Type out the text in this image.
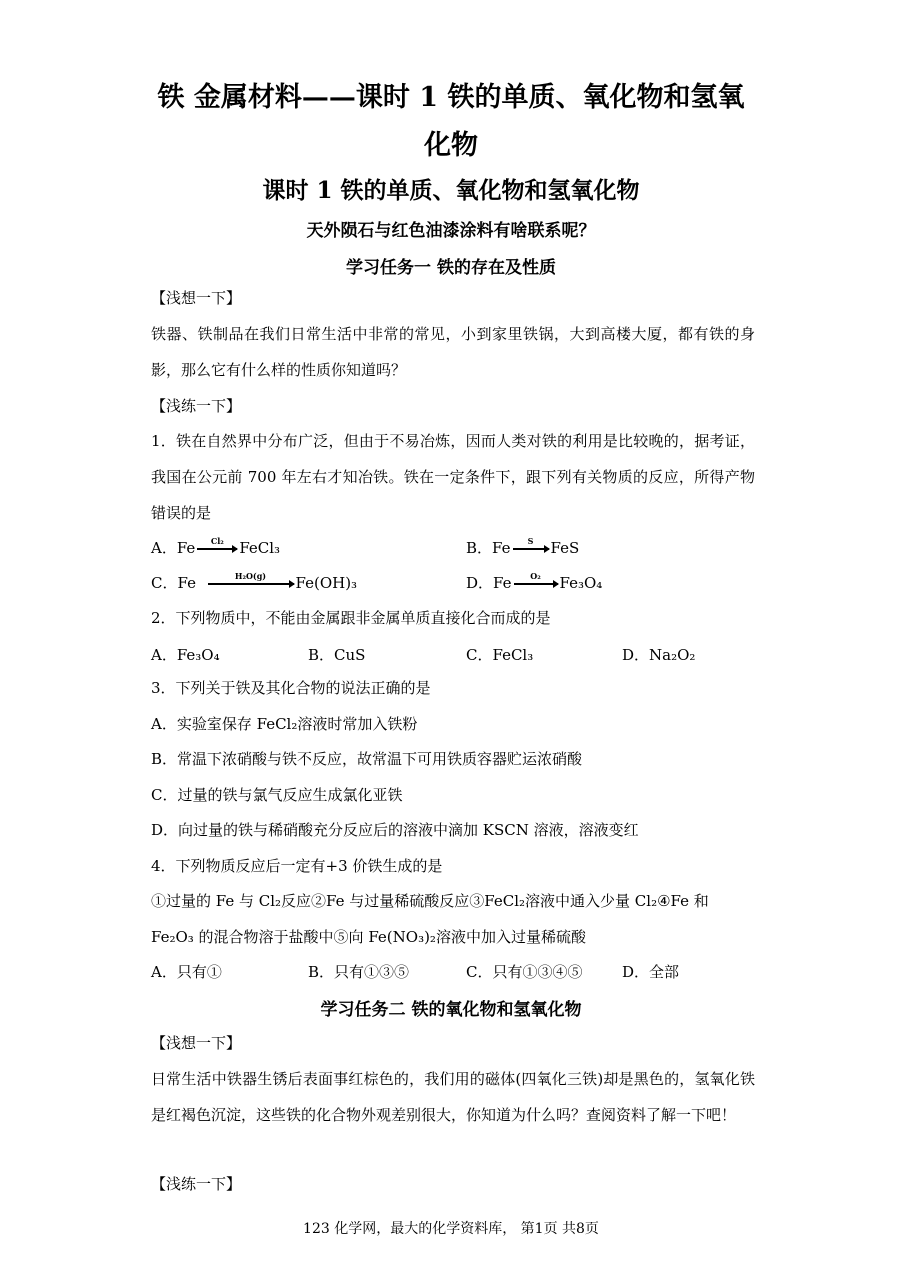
铁 金属材料——课时 1 铁的单质、氧化物和氢氧
化物
课时 1 铁的单质、氧化物和氢氧化物
天外陨石与红色油漆涂料有啥联系呢？
学习任务一 铁的存在及性质
【浅想一下】
铁器、铁制品在我们日常生活中非常的常见，小到家里铁锅，大到高楼大厦，都有铁的身影，那么它有什么样的性质你知道吗？
【浅练一下】
1．铁在自然界中分布广泛，但由于不易冶炼，因而人类对铁的利用是比较晚的，据考证，我国在公元前 700 年左右才知冶铁。铁在一定条件下，跟下列有关物质的反应，所得产物错误的是
A．Fe	Cl₂	FeCl₃	B．Fe	S	FeS
C．Fe	H₂O(g)	Fe(OH)₃	D．Fe	O₂	Fe₃O₄
2．下列物质中，不能由金属跟非金属单质直接化合而成的是
A．Fe₃O₄	B．CuS	C．FeCl₃	D．Na₂O₂
3．下列关于铁及其化合物的说法正确的是
A．实验室保存 FeCl₂溶液时常加入铁粉
B．常温下浓硝酸与铁不反应，故常温下可用铁质容器贮运浓硝酸
C．过量的铁与氯气反应生成氯化亚铁
D．向过量的铁与稀硝酸充分反应后的溶液中滴加 KSCN 溶液，溶液变红
4．下列物质反应后一定有+3 价铁生成的是
①过量的 Fe 与 Cl₂反应②Fe 与过量稀硫酸反应③FeCl₂溶液中通入少量 Cl₂④Fe 和
Fe₂O₃ 的混合物溶于盐酸中⑤向 Fe(NO₃)₂溶液中加入过量稀硫酸
A．只有①	B．只有①③⑤	C．只有①③④⑤	D．全部
学习任务二 铁的氧化物和氢氧化物
【浅想一下】
日常生活中铁器生锈后表面事红棕色的，我们用的磁体(四氧化三铁)却是黑色的，氢氧化铁是红褐色沉淀，这些铁的化合物外观差别很大，你知道为什么吗？查阅资料了解一下吧！
【浅练一下】
123 化学网，最大的化学资料库， 第1页 共8页
